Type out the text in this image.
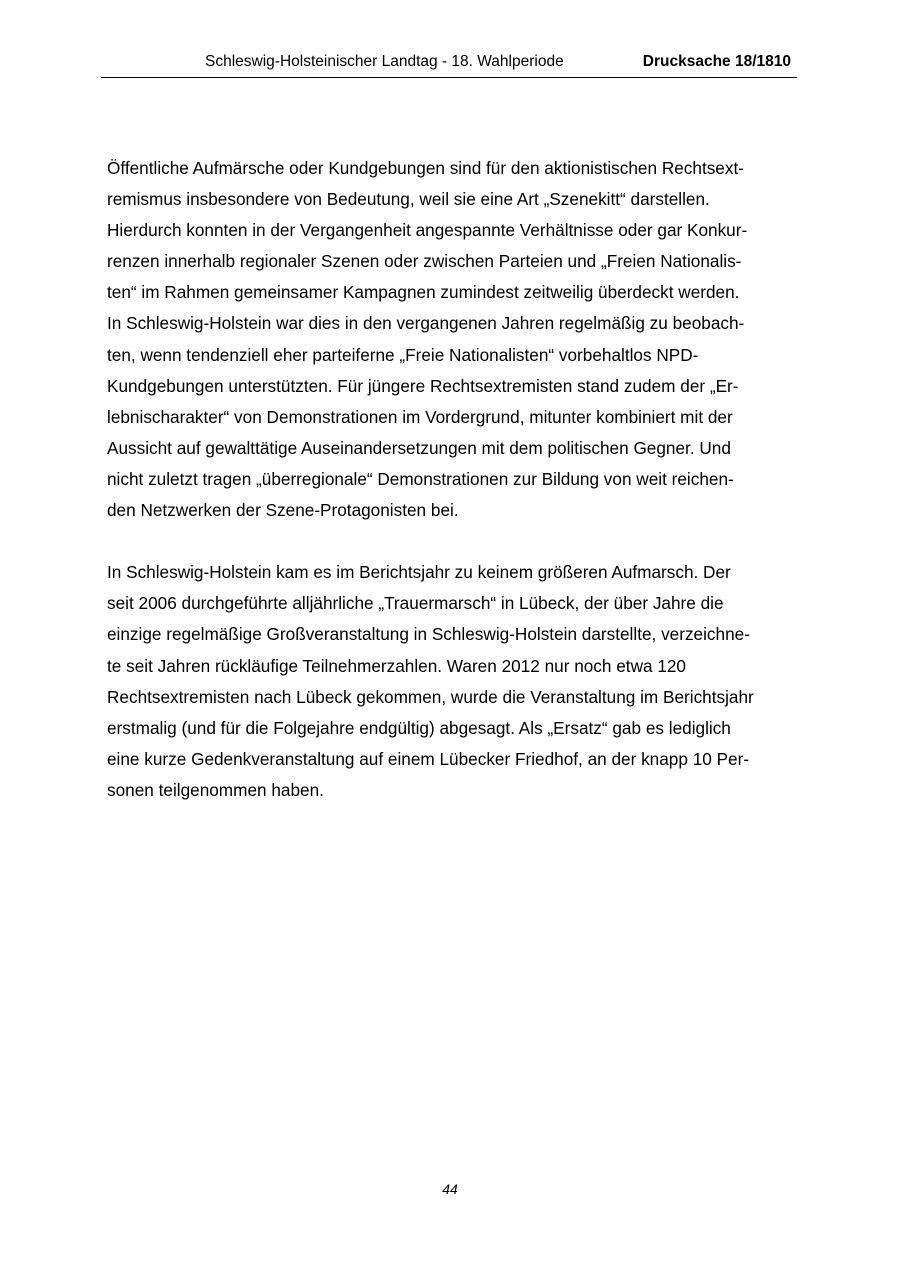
Schleswig-Holsteinischer Landtag - 18. Wahlperiode	Drucksache 18/1810
Öffentliche Aufmärsche oder Kundgebungen sind für den aktionistischen Rechtsext-
remismus insbesondere von Bedeutung, weil sie eine Art „Szenekitt“ darstellen.
Hierdurch konnten in der Vergangenheit angespannte Verhältnisse oder gar Konkur-
renzen innerhalb regionaler Szenen oder zwischen Parteien und „Freien Nationalis-
ten“ im Rahmen gemeinsamer Kampagnen zumindest zeitweilig überdeckt werden.
In Schleswig-Holstein war dies in den vergangenen Jahren regelmäßig zu beobach-
ten, wenn tendenziell eher parteiferne „Freie Nationalisten“ vorbehaltlos NPD-
Kundgebungen unterstützten. Für jüngere Rechtsextremisten stand zudem der „Er-
lebnischarakter“ von Demonstrationen im Vordergrund, mitunter kombiniert mit der
Aussicht auf gewalttätige Auseinandersetzungen mit dem politischen Gegner. Und
nicht zuletzt tragen „überregionale“ Demonstrationen zur Bildung von weit reichen-
den Netzwerken der Szene-Protagonisten bei.
In Schleswig-Holstein kam es im Berichtsjahr zu keinem größeren Aufmarsch. Der
seit 2006 durchgeführte alljährliche „Trauermarsch“ in Lübeck, der über Jahre die
einzige regelmäßige Großveranstaltung in Schleswig-Holstein darstellte, verzeichne-
te seit Jahren rückläufige Teilnehmerzahlen. Waren 2012 nur noch etwa 120
Rechtsextremisten nach Lübeck gekommen, wurde die Veranstaltung im Berichtsjahr
erstmalig (und für die Folgejahre endgültig) abgesagt. Als „Ersatz“ gab es lediglich
eine kurze Gedenkveranstaltung auf einem Lübecker Friedhof, an der knapp 10 Per-
sonen teilgenommen haben.
44
